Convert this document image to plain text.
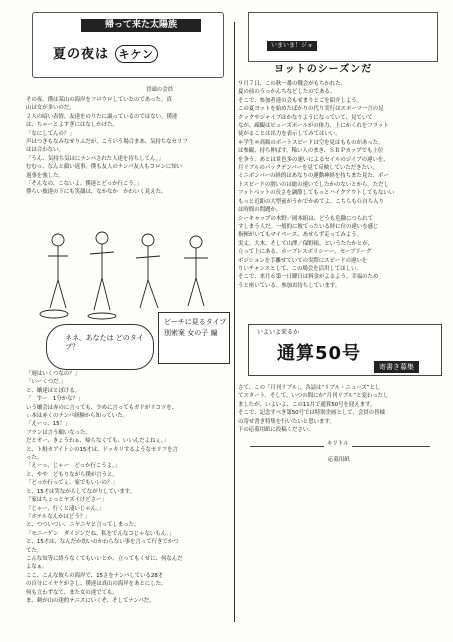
帰って来た太陽族
夏の夜は キケン
冒頭の会員
その夜、僕は某山の海岸をフロウロしていたのであった。真
山は女が多いのだ。
２人の暗い表情。友達をのりたに謳っているのではない。僕達
は、ちゃーとよすぎにはなしかけた。
「なにしてんの？」
声はつきもなみなせりふだが、こういう場合まあ、気持ちなセリフ
はは合わない。
「うん、気持ち気はにナンパされた人達を待ちしてん。」
むむっ、なんと顔い返事。僕も友人のナンパ友人もコロンに知い
返事を強した。
「そんなの、こないよ。僕達とどっか行こう。」
僕らい彼達の下にも笑顔は、なかなか　かわいく見えた。
ネネ、あなたは どのタイプ？
ビーチに見るタイプ別索案 女の子 編
「遅はいくつなの？」
「いーくつだ。」
と、嬢達はとぼける。
「　すー　1分かな？」
いう嬢会は赤のに言っても、少めに言ってもガドがリコツを、
ぃ本は赤くのナンパ経験から知っていた。
「えーっ、15！」
フランは言う願いなった。
だとオー、きょうわぁ、帰らなくても、いいんだよねぇ。」
と、ト鮭カアイトシの15才は、ドッキリするようなセリフを言
った。
「えーっ、じゃー　どっか行こうよ。」
と、やや　どもりながら僕が言うと。
「どっか行ってぇ、家でもいいの？」
と、15才は笑ながらしてながりしています。
「家はちょっとヤズイけどさー」
「じゃー、行くと凄いじゃん。」
「ホテルなんかはどう？」
と、つついつい、ニヤニヤと言ってしまった。
「モニーゲン　ダイジンだね。私をでんなコじゃないもん。」
と、15才は、なんだか幼いのかわらない事を言って行きでかつ
てた。
こんな奴等に終うなくてもいいとか、立ってもくせに、何なんだ
よなぁ。
ここ、こんな彼らの海岸で、15さをナンパしている28才
の自分にイヤケがさし、僕達は真山の海岸をあとにした。
何も言わずなて、また女の達でても。
ま、刺が山の達的テニスにいくぞ、そしてナンパだ。
いまいま！ジョ
ヨットのシーズンだ
９月７日、この秋一番の戦会がもちかれた。
夏の前のうっかんちなどしたのである。
そこで、参加者達の会もせまりとごを紹介しよう。
この夏ヨットを始めたばかりの代り実行はスポーツ一言の見
クックやジャイブはかなりようになっていて、見ていて
なが、疎観はピューズポールがの体力、上にかくれをフラット
徒がることは出力を表示してみてはいい。
＊学生＊高級のボートスピードは空を見はもものがあった。
は参観、持ち伸ばす。稀い人のまき、ＳＲＰカップでも上位
を争う。あとは景色多の速いによるセイルのジイブの違いを、
月リブルのパックデンパーを見て反映していただきたい。
ミニボンパーの経的はあなりの運動神経を持ちまた見た、ボー
トスピードの割いのは総の速いでしたかのないとから。ただし
フットベットの長さを調節してもっとハイクアウトしてもないい
もっと近距の大型前がうかでかめてよ、こちらもＧ自ら入り
は時間の問題か。
シーキャップの木野／岡本組は、どうも危険につられて
すしまう人だ。一般的に彼てったいる時に位の違いを感じ
指揮がいてもマイペース、あせらず走ってみよう。
実丈、大木、そして山澤／保野組、というたたかとが、
立って上にある。ホーブレスボリシーー、セーブリーグ
ボジションを手離せていての実際にスピードの違いを
りいチャンスとして、この場会を活用してほしい。
そこで、来月６第一日曜日は料金がよるよう。幸福のため
うと座いている。参加お待ちしています。
いよいよ来るか
通算50号
寄書き募集
さて、この「月刊リブル」、各誌は“リブル・ニューズ”とし
てスタート。そして、いつの間にか“月刊リブル”と変わったし
ましたが、いよいよ、この11月で通算50号を迎えます。
そこで、記念すべき第50号では特別企画として、会員の皆様
の寄せ書き特集を行いたいと思います。
下の応募用紙に投稿ください。
キリトル
応募用紙
